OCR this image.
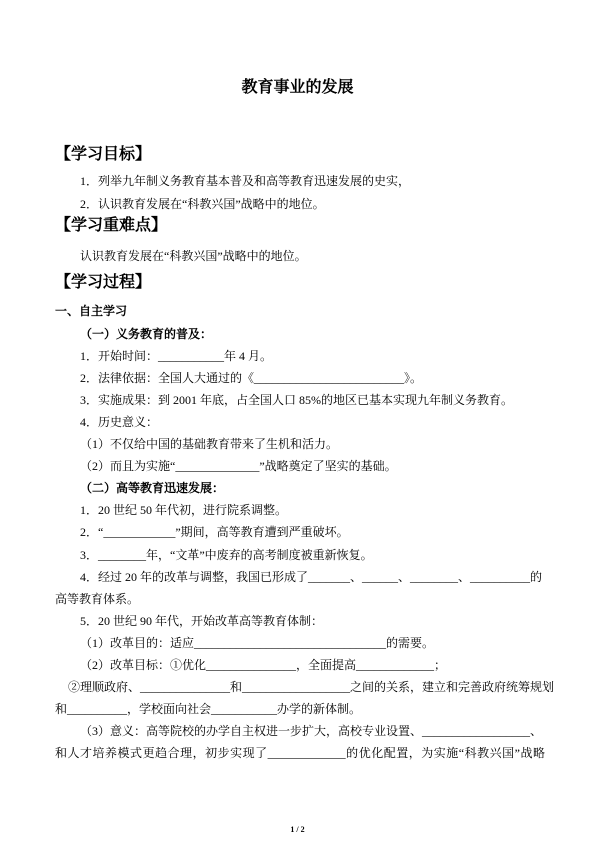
教育事业的发展
【学习目标】
1．列举九年制义务教育基本普及和高等教育迅速发展的史实，
2．认识教育发展在“科教兴国”战略中的地位。
【学习重难点】
认识教育发展在“科教兴国”战略中的地位。
【学习过程】
一、自主学习
（一）义务教育的普及：
1．开始时间：___________年 4 月。
2．法律依据：全国人大通过的《_________________________》。
3．实施成果：到 2001 年底，占全国人口 85%的地区已基本实现九年制义务教育。
4．历史意义：
（1）不仅给中国的基础教育带来了生机和活力。
（2）而且为实施“______________”战略奠定了坚实的基础。
（二）高等教育迅速发展：
1．20 世纪 50 年代初，进行院系调整。
2．“____________”期间，高等教育遭到严重破坏。
3．________年，“文革”中废弃的高考制度被重新恢复。
4．经过 20 年的改革与调整，我国已形成了_______、______、________、__________的
高等教育体系。
5．20 世纪 90 年代，开始改革高等教育体制：
（1）改革目的：适应________________________________的需要。
（2）改革目标：①优化_______________，全面提高_____________；
②理顺政府、_______________和__________________之间的关系，建立和完善政府统筹规划
和__________，学校面向社会___________办学的新体制。
（3）意义：高等院校的办学自主权进一步扩大，高校专业设置、__________________、
和人才培养模式更趋合理，初步实现了_____________的优化配置，为实施“科教兴国”战略
1 / 2
